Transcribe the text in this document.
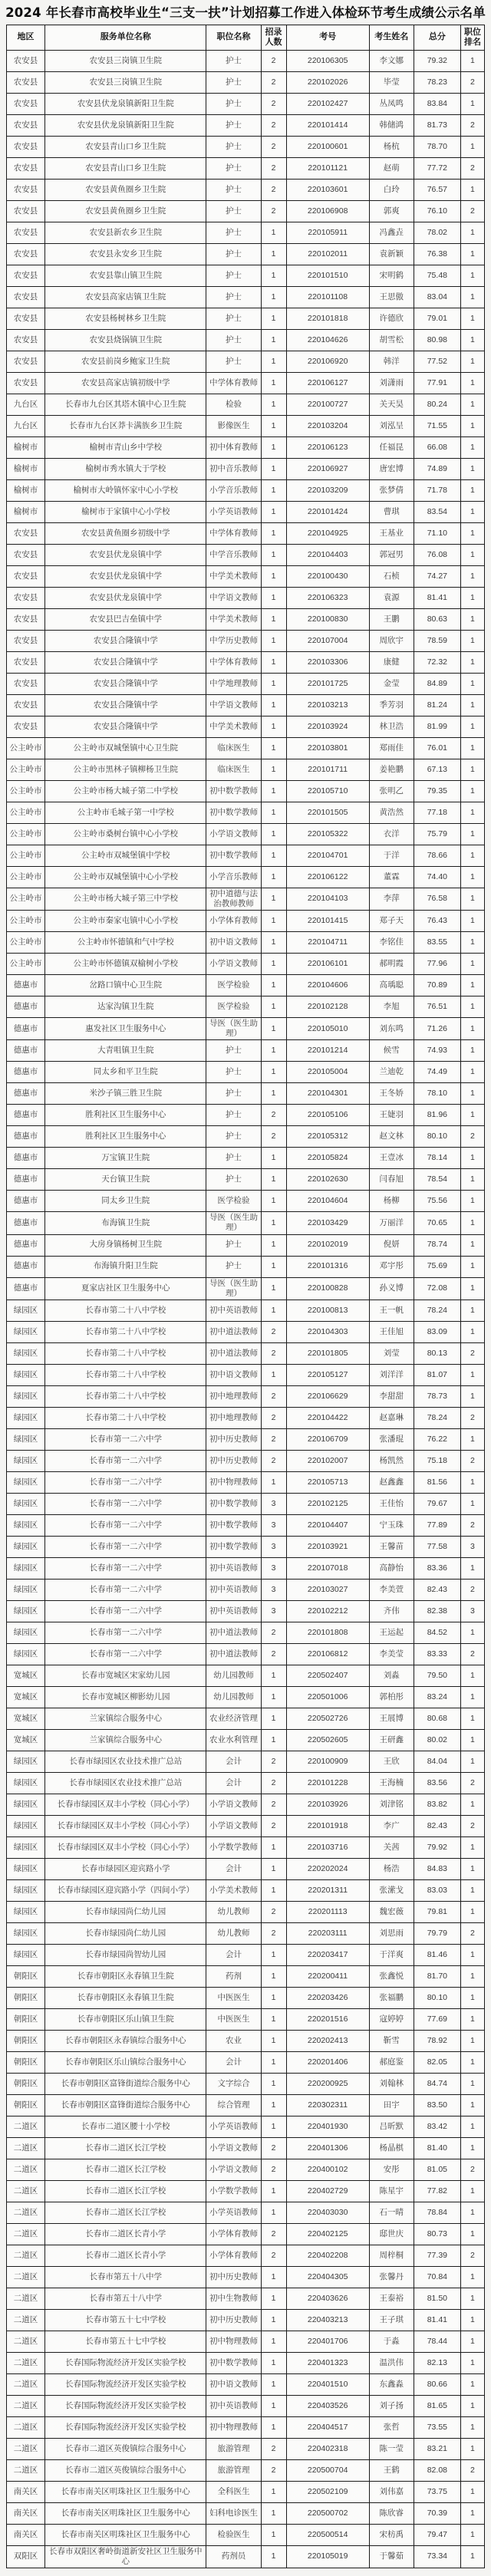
2024 年长春市高校毕业生“三支一扶”计划招募工作进入体检环节考生成绩公示名单
地区	服务单位名称	职位名称	招录人数	考号	考生姓名	总分	职位排名
农安县	农安县三岗镇卫生院	护士	2	220106305	李文娜	79.32	1
农安县	农安县三岗镇卫生院	护士	2	220102026	毕莹	78.23	2
农安县	农安县伏龙泉镇新阳卫生院	护士	2	220102427	丛凤鸣	83.84	1
农安县	农安县伏龙泉镇新阳卫生院	护士	2	220101414	韩储鸿	81.73	2
农安县	农安县青山口乡卫生院	护士	2	220100601	杨杭	78.70	1
农安县	农安县青山口乡卫生院	护士	2	220101121	赵萌	77.72	2
农安县	农安县黄鱼圈乡卫生院	护士	2	220103601	白玲	76.57	1
农安县	农安县黄鱼圈乡卫生院	护士	2	220106908	郭爽	76.10	2
农安县	农安县新农乡卫生院	护士	1	220105911	冯鑫垚	78.02	1
农安县	农安县永安乡卫生院	护士	1	220102011	袁新颖	76.38	1
农安县	农安县靠山镇卫生院	护士	1	220101510	宋明鹤	75.48	1
农安县	农安县高家店镇卫生院	护士	1	220101108	王思傲	83.04	1
农安县	农安县杨树林乡卫生院	护士	1	220101818	许德欣	79.01	1
农安县	农安县烧锅镇卫生院	护士	1	220104626	胡雪松	80.98	1
农安县	农安县前岗乡鲍家卫生院	护士	1	220106920	韩洋	77.52	1
农安县	农安县高家店镇初级中学	中学体育教师	1	220106127	刘潇雨	77.91	1
九台区	长春市九台区其塔木镇中心卫生院	检验	1	220100727	关天昊	80.24	1
九台区	长春市九台区莽卡满族乡卫生院	影像医生	1	220103204	刘泓呈	71.55	1
榆树市	榆树市青山乡中学校	初中体育教师	1	220106123	任福昆	66.08	1
榆树市	榆树市秀水镇大于学校	初中音乐教师	1	220106927	唐宏博	74.89	1
榆树市	榆树市大岭镇怀家中心小学校	小学音乐教师	1	220103209	张梦倩	71.78	1
榆树市	榆树市于家镇中心小学校	小学英语教师	1	220101424	曹琪	83.54	1
农安县	农安县黄鱼圈乡初级中学	中学体育教师	1	220104925	王基业	71.10	1
农安县	农安县伏龙泉镇中学	中学音乐教师	1	220104403	郭冠男	76.08	1
农安县	农安县伏龙泉镇中学	中学美术教师	1	220100430	石桢	74.27	1
农安县	农安县伏龙泉镇中学	中学语文教师	1	220106323	袁源	81.41	1
农安县	农安县巴吉垒镇中学	中学美术教师	1	220100830	王鹏	80.63	1
农安县	农安县合隆镇中学	中学历史教师	1	220107004	周欣宇	78.59	1
农安县	农安县合隆镇中学	中学体育教师	1	220103306	康健	72.32	1
农安县	农安县合隆镇中学	中学地理教师	1	220101725	金莹	84.89	1
农安县	农安县合隆镇中学	中学语文教师	1	220103213	季芳羽	81.24	1
农安县	农安县合隆镇中学	中学美术教师	1	220103924	林卫浩	81.99	1
公主岭市	公主岭市双城堡镇中心卫生院	临床医生	1	220103801	郑雨佳	76.01	1
公主岭市	公主岭市黑林子镇柳杨卫生院	临床医生	1	220101711	姜艳鹏	67.13	1
公主岭市	公主岭市杨大城子第二中学校	初中数学教师	1	220105710	张明乙	79.35	1
公主岭市	公主岭市毛城子第一中学校	初中数学教师	1	220101505	黄浩然	77.18	1
公主岭市	公主岭市桑树台镇中心小学校	小学语文教师	1	220105322	衣洋	75.79	1
公主岭市	公主岭市双城堡镇中学校	初中数学教师	1	220104701	于洋	78.66	1
公主岭市	公主岭市双城堡镇中心小学校	小学音乐教师	1	220106122	董霖	74.40	1
公主岭市	公主岭市杨大城子第三中学校	初中道德与法治教师教师	1	220104103	李萍	76.58	1
公主岭市	公主岭市秦家屯镇中心小学校	小学体育教师	1	220101415	郑子天	76.43	1
公主岭市	公主岭市怀德镇和气中学校	初中语文教师	1	220104711	李铭佳	83.55	1
公主岭市	公主岭市怀德镇双榆树小学校	小学语文教师	1	220106101	郝明霞	77.96	1
德惠市	岔路口镇中心卫生院	医学检验	1	220104606	高瑀聪	70.89	1
德惠市	达家沟镇卫生院	医学检验	1	220102128	李旭	76.51	1
德惠市	惠发社区卫生服务中心	导医（医生助理）	1	220105010	刘东鸣	71.26	1
德惠市	大青咀镇卫生院	护士	1	220101214	候雪	74.93	1
德惠市	同太乡和平卫生院	护士	1	220105004	兰迪乾	74.49	1
德惠市	米沙子镇三胜卫生院	护士	1	220104301	王冬娇	78.10	1
德惠市	胜利社区卫生服务中心	护士	2	220105106	王婕羽	81.96	1
德惠市	胜利社区卫生服务中心	护士	2	220105312	赵文林	80.10	2
德惠市	万宝镇卫生院	护士	1	220105824	王壹冰	78.14	1
德惠市	天台镇卫生院	护士	1	220102630	闫春旭	78.54	1
德惠市	同太乡卫生院	医学检验	1	220104604	杨柳	75.56	1
德惠市	布海镇卫生院	导医（医生助理）	1	220103429	万丽洋	70.65	1
德惠市	大房身镇杨树卫生院	护士	1	220102019	倪妍	78.74	1
德惠市	布海镇升阳卫生院	护士	1	220101316	邓宇彤	75.69	1
德惠市	夏家店社区卫生服务中心	导医（医生助理）	1	220100828	孙义博	72.08	1
绿园区	长春市第二十八中学校	初中英语教师	1	220100813	王一帆	78.24	1
绿园区	长春市第二十八中学校	初中道法教师	2	220104303	王佳旭	83.09	1
绿园区	长春市第二十八中学校	初中道法教师	2	220101805	刘莹	80.13	2
绿园区	长春市第二十八中学校	初中语文教师	1	220105127	刘洋洋	81.07	1
绿园区	长春市第二十八中学校	初中地理教师	2	220106629	李甜甜	78.73	1
绿园区	长春市第二十八中学校	初中地理教师	2	220104422	赵嘉琳	78.24	2
绿园区	长春市第一二六中学	初中历史教师	2	220106709	张潘琨	76.22	1
绿园区	长春市第一二六中学	初中历史教师	2	220102007	杨凯然	75.18	2
绿园区	长春市第一二六中学	初中物理教师	1	220105713	赵鑫鑫	81.56	1
绿园区	长春市第一二六中学	初中数学教师	3	220102125	王佳怡	79.67	1
绿园区	长春市第一二六中学	初中数学教师	3	220104407	宁玉珠	77.89	2
绿园区	长春市第一二六中学	初中数学教师	3	220103921	王馨苗	77.58	3
绿园区	长春市第一二六中学	初中英语教师	3	220107018	高静怡	83.36	1
绿园区	长春市第一二六中学	初中英语教师	3	220103027	李美萱	82.43	2
绿园区	长春市第一二六中学	初中英语教师	3	220102212	齐伟	82.38	3
绿园区	长春市第一二六中学	初中道法教师	2	220101808	王运起	84.52	1
绿园区	长春市第一二六中学	初中道法教师	2	220106812	李美莹	83.33	2
宽城区	长春市宽城区宋家幼儿园	幼儿园教师	1	220502407	刘淼	79.50	1
宽城区	长春市宽城区柳影幼儿园	幼儿园教师	1	220501006	郭柏彤	83.24	1
宽城区	兰家镇综合服务中心	农业经济管理	1	220502726	王展博	80.68	1
宽城区	兰家镇综合服务中心	农业水利管理	1	220502605	王研鑫	80.02	1
绿园区	长春市绿园区农业技术推广总站	会计	2	220100909	王欣	84.04	1
绿园区	长春市绿园区农业技术推广总站	会计	2	220101228	王海楠	83.56	2
绿园区	长春市绿园区双丰小学校（同心小学）	小学语文教师	2	220103926	刘津铭	83.82	1
绿园区	长春市绿园区双丰小学校（同心小学）	小学语文教师	2	220101918	李广	82.43	2
绿园区	长春市绿园区双丰小学校（同心小学）	小学数学教师	1	220103716	关茜	79.92	1
绿园区	长春市绿园区迎宾路小学	会计	1	220202024	杨浩	84.83	1
绿园区	长春市绿园区迎宾路小学（四间小学）	小学美术教师	1	220201311	张潆戈	83.03	1
绿园区	长春市绿园尚仁幼儿园	幼儿教师	2	220201113	魏宏薇	79.81	1
绿园区	长春市绿园尚仁幼儿园	幼儿教师	2	220203111	刘思雨	79.79	2
绿园区	长春市绿园尚智幼儿园	会计	1	220203417	于洋爽	81.46	1
朝阳区	长春市朝阳区永春镇卫生院	药剂	1	220200411	张鑫悦	81.70	1
朝阳区	长春市朝阳区永春镇卫生院	中医医生	1	220203426	张福鹏	80.10	1
朝阳区	长春市朝阳区乐山镇卫生院	中医医生	1	220201516	寇婷婷	77.69	1
朝阳区	长春市朝阳区永春镇综合服务中心	农业	1	220202413	靳雪	78.92	1
朝阳区	长春市朝阳区乐山镇综合服务中心	会计	1	220201406	郝庭鉴	82.05	1
朝阳区	长春市朝阳区富锋街道综合服务中心	文字综合	1	220200925	刘翰林	84.74	1
朝阳区	长春市朝阳区富锋街道综合服务中心	综合管理	1	220302311	田宇	83.50	1
二道区	长春市二道区腰十小学校	小学英语教师	1	220401930	吕昕默	83.42	1
二道区	长春市二道区长江学校	小学语文教师	2	220401306	杨晶棋	81.40	1
二道区	长春市二道区长江学校	小学语文教师	2	220400102	安彤	81.05	2
二道区	长春市二道区长江学校	小学数学教师	1	220402729	陈星宇	77.82	1
二道区	长春市二道区长江学校	小学英语教师	1	220403030	石一晴	78.84	1
二道区	长春市二道区长青小学	小学体育教师	2	220402125	邸世庆	80.73	1
二道区	长春市二道区长青小学	小学体育教师	2	220402208	周梓桐	77.39	2
二道区	长春市第五十八中学	初中历史教师	1	220404305	张馨丹	70.84	1
二道区	长春市第五十八中学	初中生物教师	1	220403626	王泰裕	81.50	1
二道区	长春市第五十七中学校	初中历史教师	1	220403213	王子琪	81.41	1
二道区	长春市第五十七中学校	初中物理教师	1	220401706	于淼	78.44	1
二道区	长春国际物流经济开发区实验学校	初中数学教师	1	220401323	温洪伟	82.13	1
二道区	长春国际物流经济开发区实验学校	初中语文教师	1	220401510	东鑫淼	80.66	1
二道区	长春国际物流经济开发区实验学校	初中英语教师	1	220403526	刘子扬	81.65	1
二道区	长春国际物流经济开发区实验学校	初中物理教师	1	220404517	张哲	73.55	1
二道区	长春市二道区英俊镇综合服务中心	旅游管理	2	220402318	陈一莹	83.21	1
二道区	长春市二道区英俊镇综合服务中心	旅游管理	2	220500704	王鹤	82.08	2
南关区	长春市南关区明珠社区卫生服务中心	全科医生	1	220502109	刘伟嘉	73.75	1
南关区	长春市南关区明珠社区卫生服务中心	妇科电诊医生	1	220500702	陈欣睿	70.39	1
南关区	长春市南关区明珠社区卫生服务中心	检验医生	1	220500514	宋枋禹	79.47	1
双阳区	长春市双阳区奢岭街道新安社区卫生服务中心	药剂员	1	220105019	于馨茹	73.34	1
